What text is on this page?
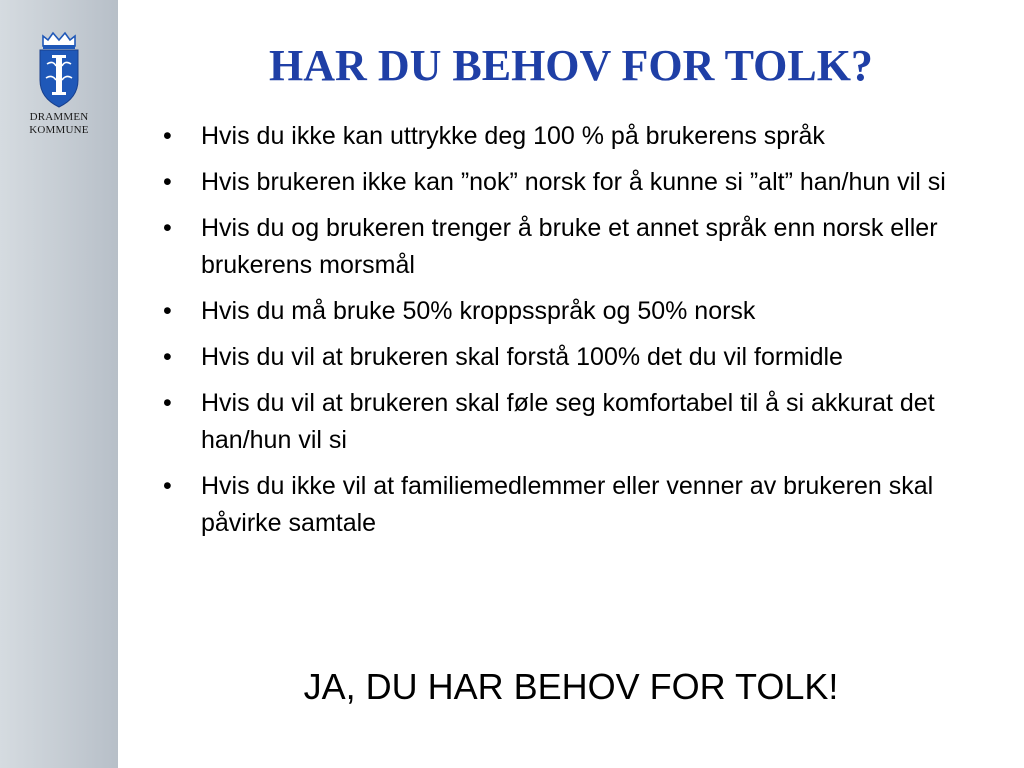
DRAMMEN
KOMMUNE
HAR DU BEHOV FOR TOLK?
• Hvis du ikke kan uttrykke deg 100 % på brukerens språk
• Hvis brukeren ikke kan ”nok” norsk for å kunne si ”alt” han/hun vil si
• Hvis du og brukeren trenger å bruke et annet språk enn norsk eller brukerens morsmål
• Hvis du må bruke 50% kroppsspråk og 50% norsk
• Hvis du vil at brukeren skal forstå 100% det du vil formidle
• Hvis du vil at brukeren skal føle seg komfortabel til å si akkurat det han/hun vil si
• Hvis du ikke vil at familiemedlemmer eller venner av brukeren skal påvirke samtale
JA, DU HAR BEHOV FOR TOLK!
